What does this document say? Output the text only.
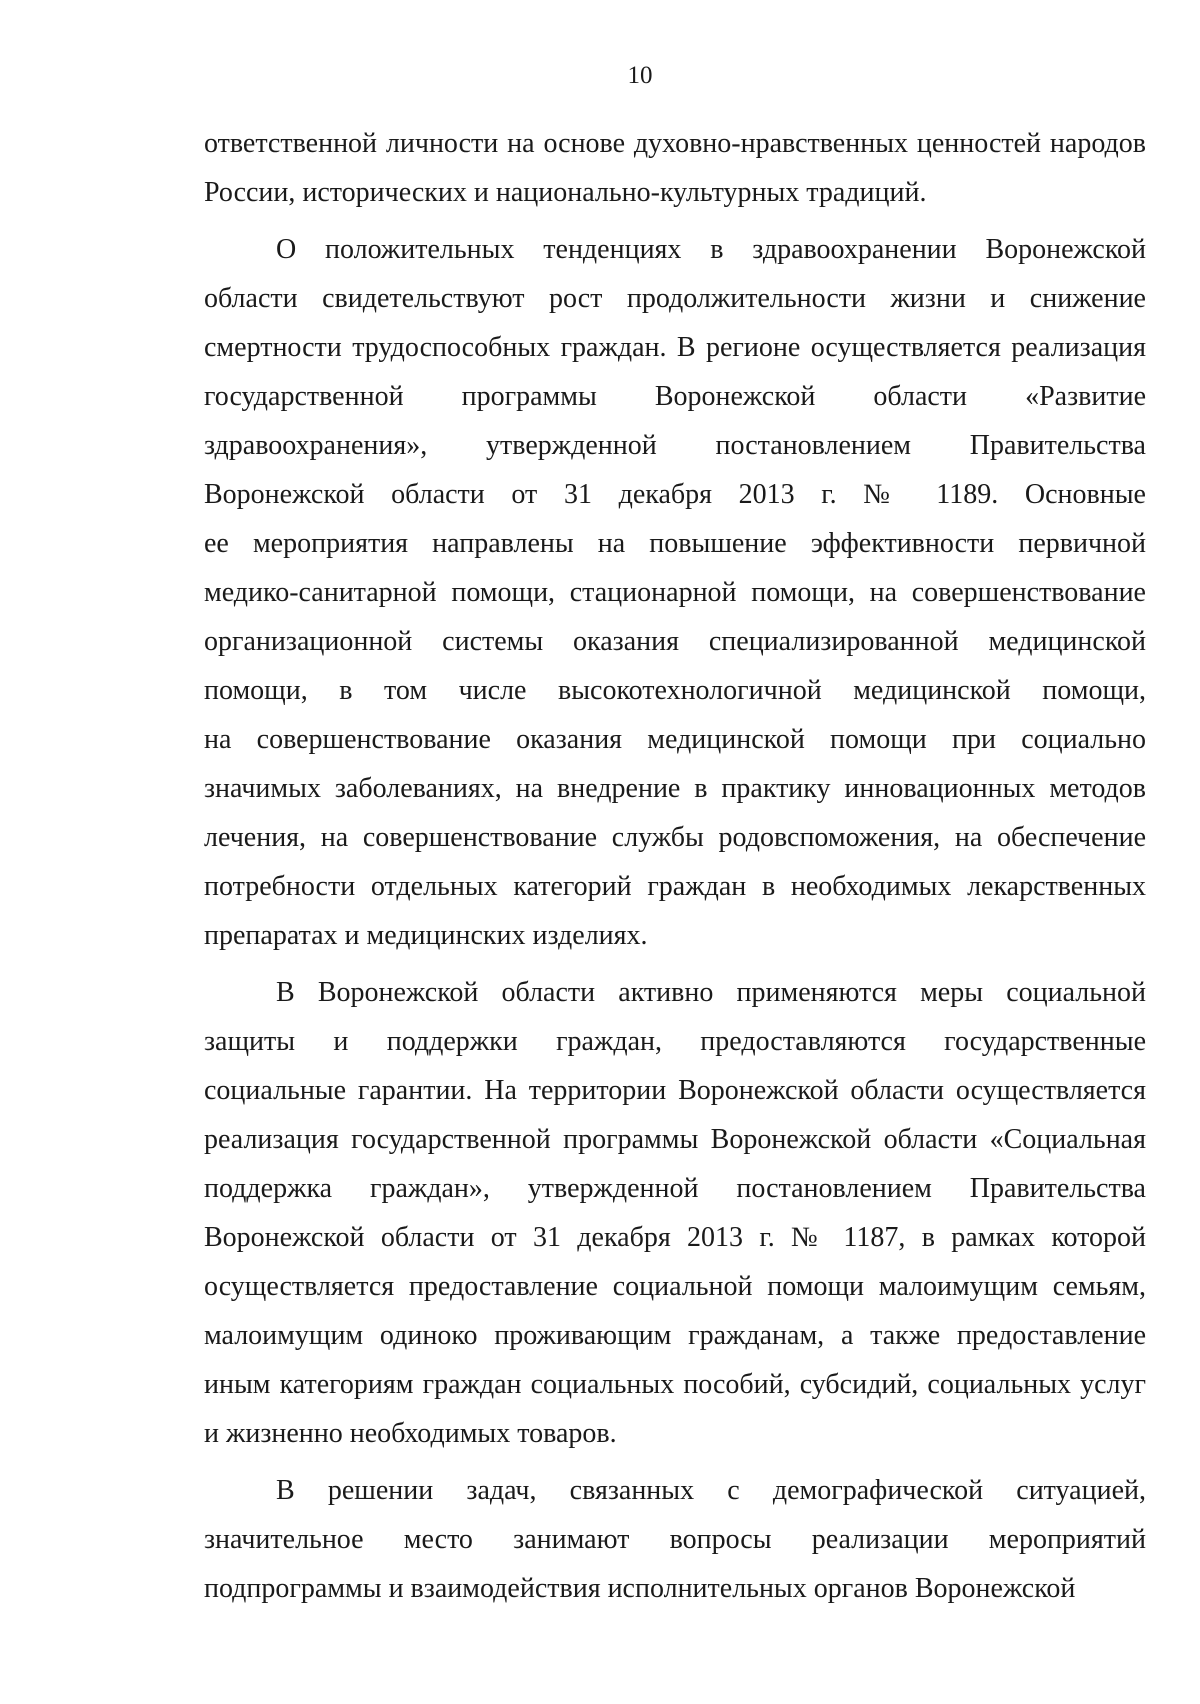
10
ответственной личности на основе духовно-нравственных ценностей народов
России, исторических и национально-культурных традиций.
О положительных тенденциях в здравоохранении Воронежской
области свидетельствуют рост продолжительности жизни и снижение
смертности трудоспособных граждан. В регионе осуществляется реализация
государственной программы Воронежской области «Развитие
здравоохранения», утвержденной постановлением Правительства
Воронежской области от 31 декабря 2013 г. № 1189. Основные
ее мероприятия направлены на повышение эффективности первичной
медико-санитарной помощи, стационарной помощи, на совершенствование
организационной системы оказания специализированной медицинской
помощи, в том числе высокотехнологичной медицинской помощи,
на совершенствование оказания медицинской помощи при социально
значимых заболеваниях, на внедрение в практику инновационных методов
лечения, на совершенствование службы родовспоможения, на обеспечение
потребности отдельных категорий граждан в необходимых лекарственных
препаратах и медицинских изделиях.
В Воронежской области активно применяются меры социальной
защиты и поддержки граждан, предоставляются государственные
социальные гарантии. На территории Воронежской области осуществляется
реализация государственной программы Воронежской области «Социальная
поддержка граждан», утвержденной постановлением Правительства
Воронежской области от 31 декабря 2013 г. № 1187, в рамках которой
осуществляется предоставление социальной помощи малоимущим семьям,
малоимущим одиноко проживающим гражданам, а также предоставление
иным категориям граждан социальных пособий, субсидий, социальных услуг
и жизненно необходимых товаров.
В решении задач, связанных с демографической ситуацией,
значительное место занимают вопросы реализации мероприятий
подпрограммы и взаимодействия исполнительных органов Воронежской
